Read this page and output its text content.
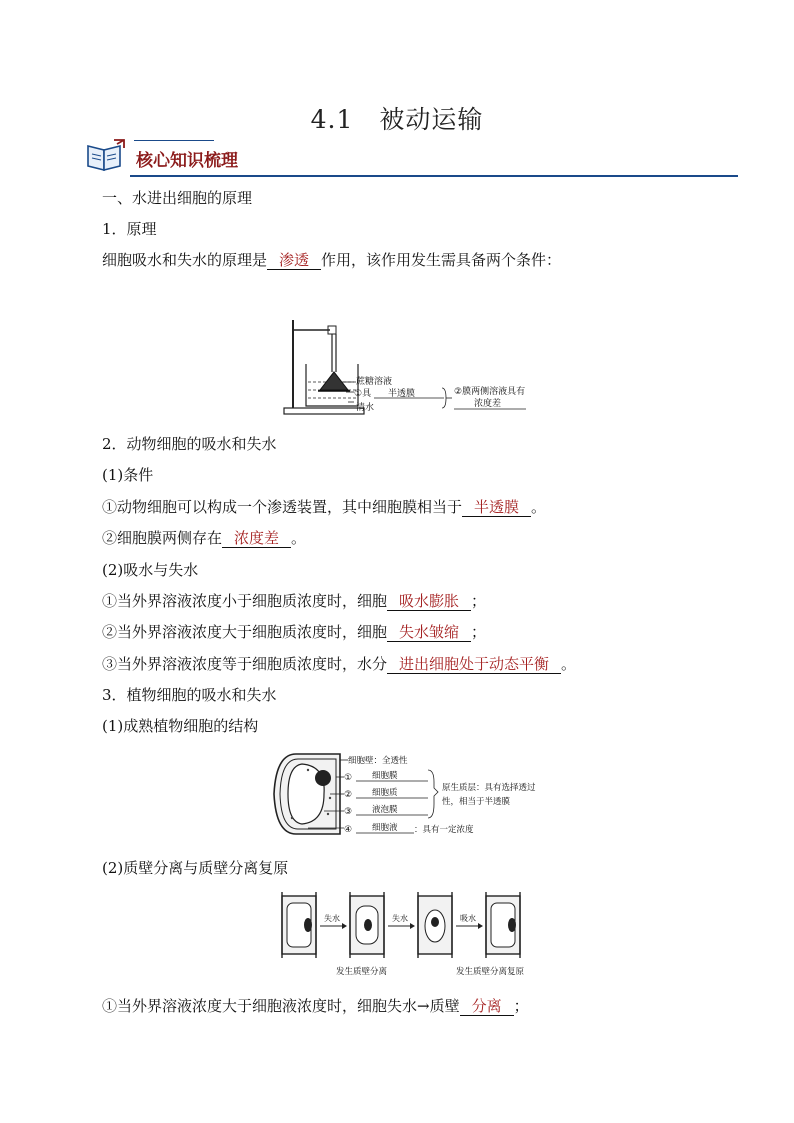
4.1 被动运输
核心知识梳理
一、水进出细胞的原理
1．原理
细胞吸水和失水的原理是 渗透 作用，该作用发生需具备两个条件：
蔗糖溶液
①具 半透膜
清水
②膜两侧溶液具有
浓度差
2．动物细胞的吸水和失水
(1)条件
①动物细胞可以构成一个渗透装置，其中细胞膜相当于 半透膜 。
②细胞膜两侧存在 浓度差 。
(2)吸水与失水
①当外界溶液浓度小于细胞质浓度时，细胞 吸水膨胀 ；
②当外界溶液浓度大于细胞质浓度时，细胞 失水皱缩 ；
③当外界溶液浓度等于细胞质浓度时，水分 进出细胞处于动态平衡 。
3．植物细胞的吸水和失水
(1)成熟植物细胞的结构
细胞壁：全透性
① 细胞膜
② 细胞质
③ 液泡膜
④ 细胞液 ：具有一定浓度
原生质层：具有选择透过
性，相当于半透膜
(2)质壁分离与质壁分离复原
失水	失水	吸水
发生质壁分离	发生质壁分离复原
①当外界溶液浓度大于细胞液浓度时，细胞失水→质壁 分离 ；
